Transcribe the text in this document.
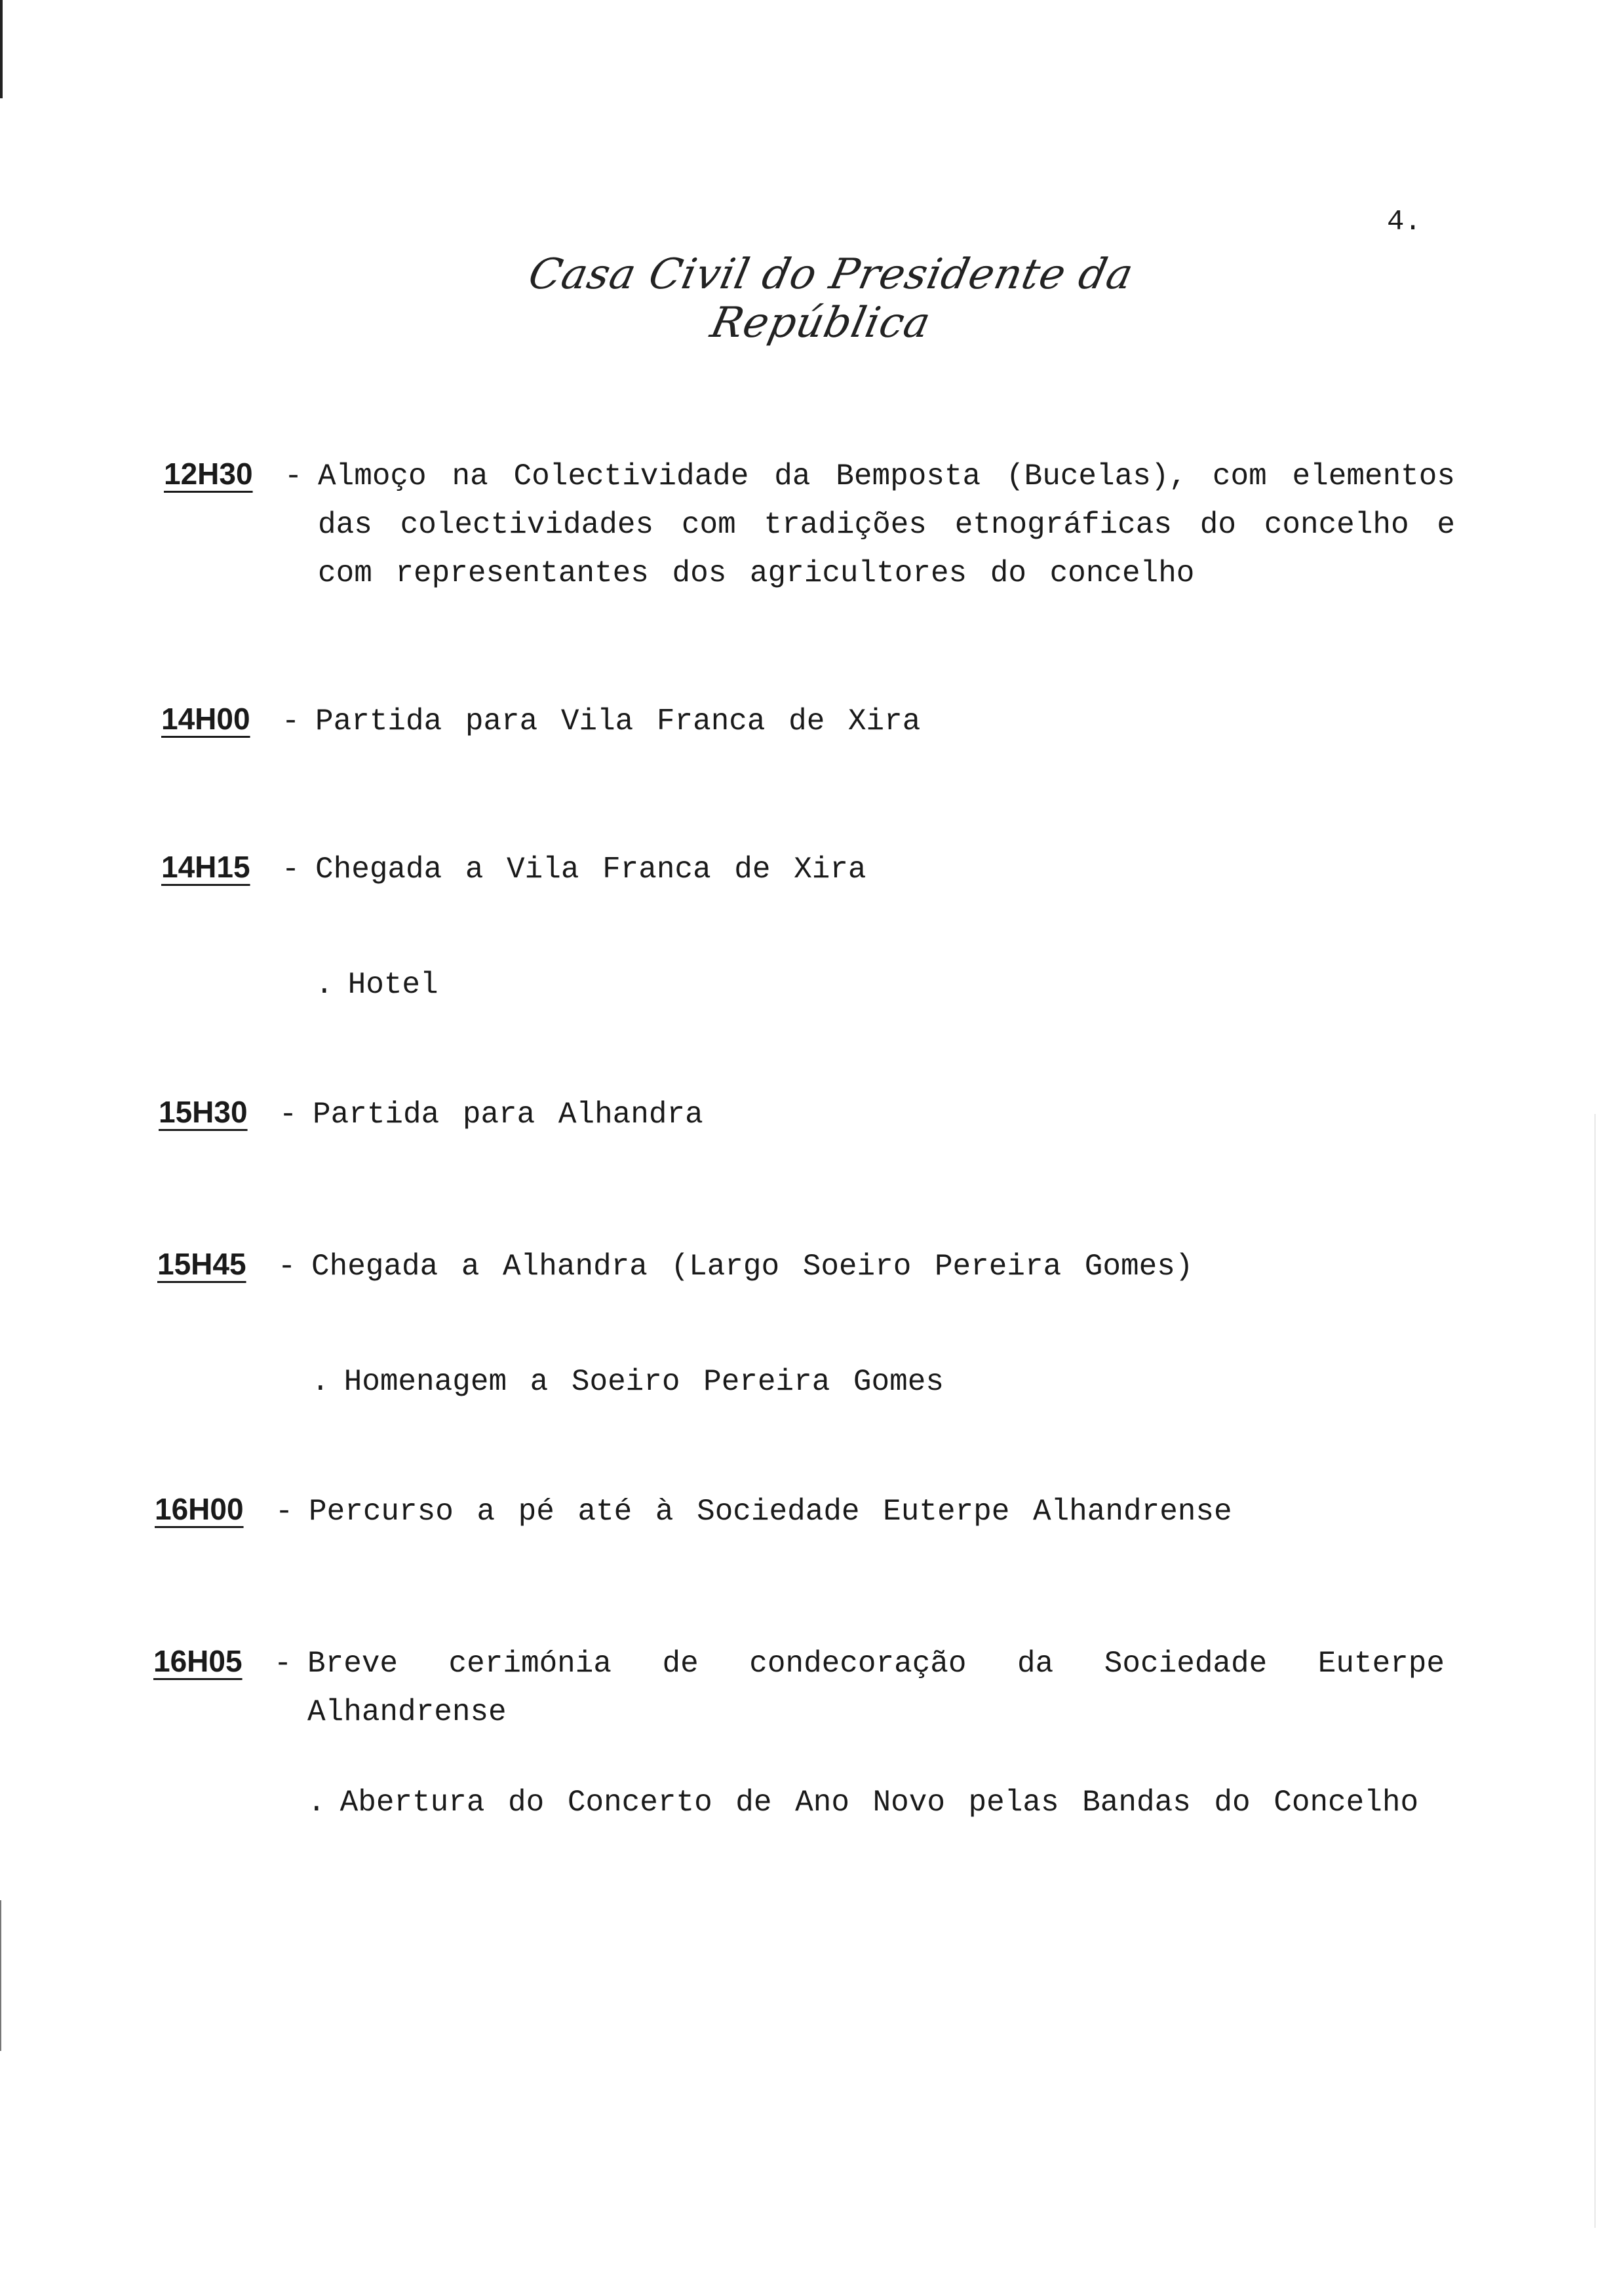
4.
Casa Civil do Presidente da República
12H30	- Almoço na Colectividade da Bemposta (Bucelas), com elementos das colectividades com tradições etnográficas do concelho e com representantes dos agricultores do concelho
14H00	- Partida para Vila Franca de Xira
14H15	- Chegada a Vila Franca de Xira
. Hotel
15H30	- Partida para Alhandra
15H45	- Chegada a Alhandra (Largo Soeiro Pereira Gomes)
. Homenagem a Soeiro Pereira Gomes
16H00	- Percurso a pé até à Sociedade Euterpe Alhandrense
16H05	- Breve cerimónia de condecoração da Sociedade Euterpe Alhandrense
. Abertura do Concerto de Ano Novo pelas Bandas do Concelho
